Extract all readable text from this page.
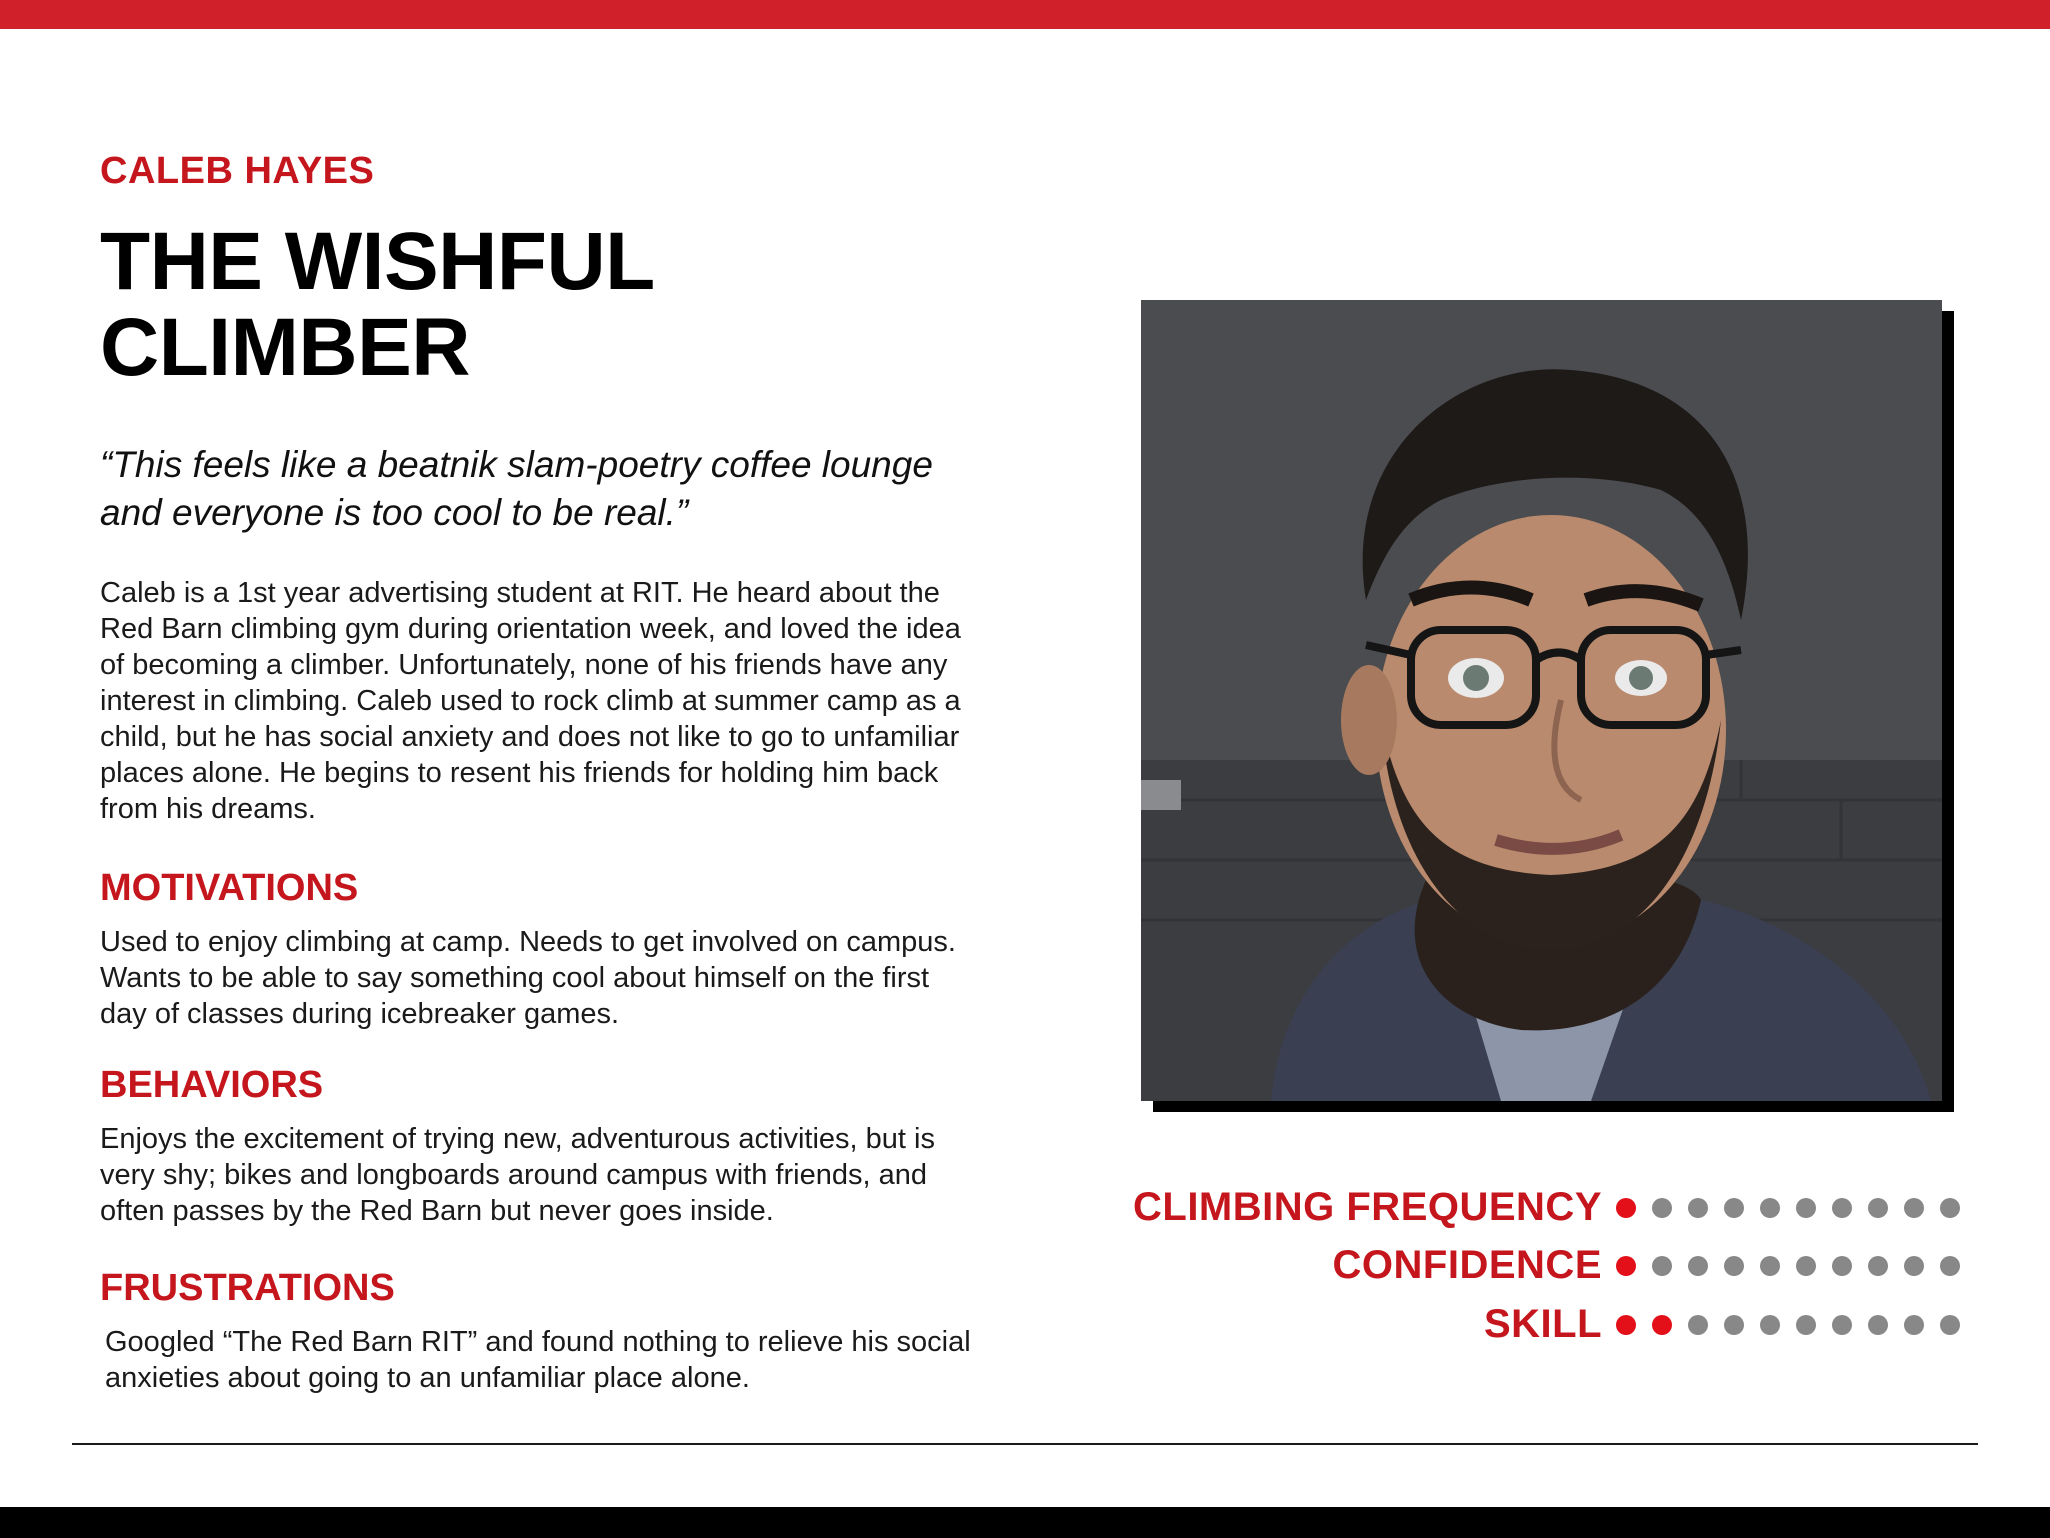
CALEB HAYES
THE WISHFUL CLIMBER

“This feels like a beatnik slam-poetry coffee lounge and everyone is too cool to be real.”

Caleb is a 1st year advertising student at RIT. He heard about the Red Barn climbing gym during orientation week, and loved the idea of becoming a climber. Unfortunately, none of his friends have any interest in climbing. Caleb used to rock climb at summer camp as a child, but he has social anxiety and does not like to go to unfamiliar places alone. He begins to resent his friends for holding him back from his dreams.

MOTIVATIONS

Used to enjoy climbing at camp. Needs to get involved on campus. Wants to be able to say something cool about himself on the first day of classes during icebreaker games.

BEHAVIORS

Enjoys the excitement of trying new, adventurous activities, but is very shy; bikes and longboards around campus with friends, and often passes by the Red Barn but never goes inside.

FRUSTRATIONS

Googled “The Red Barn RIT” and found nothing to relieve his social anxieties about going to an unfamiliar place alone.

CLIMBING FREQUENCY
CONFIDENCE
SKILL
